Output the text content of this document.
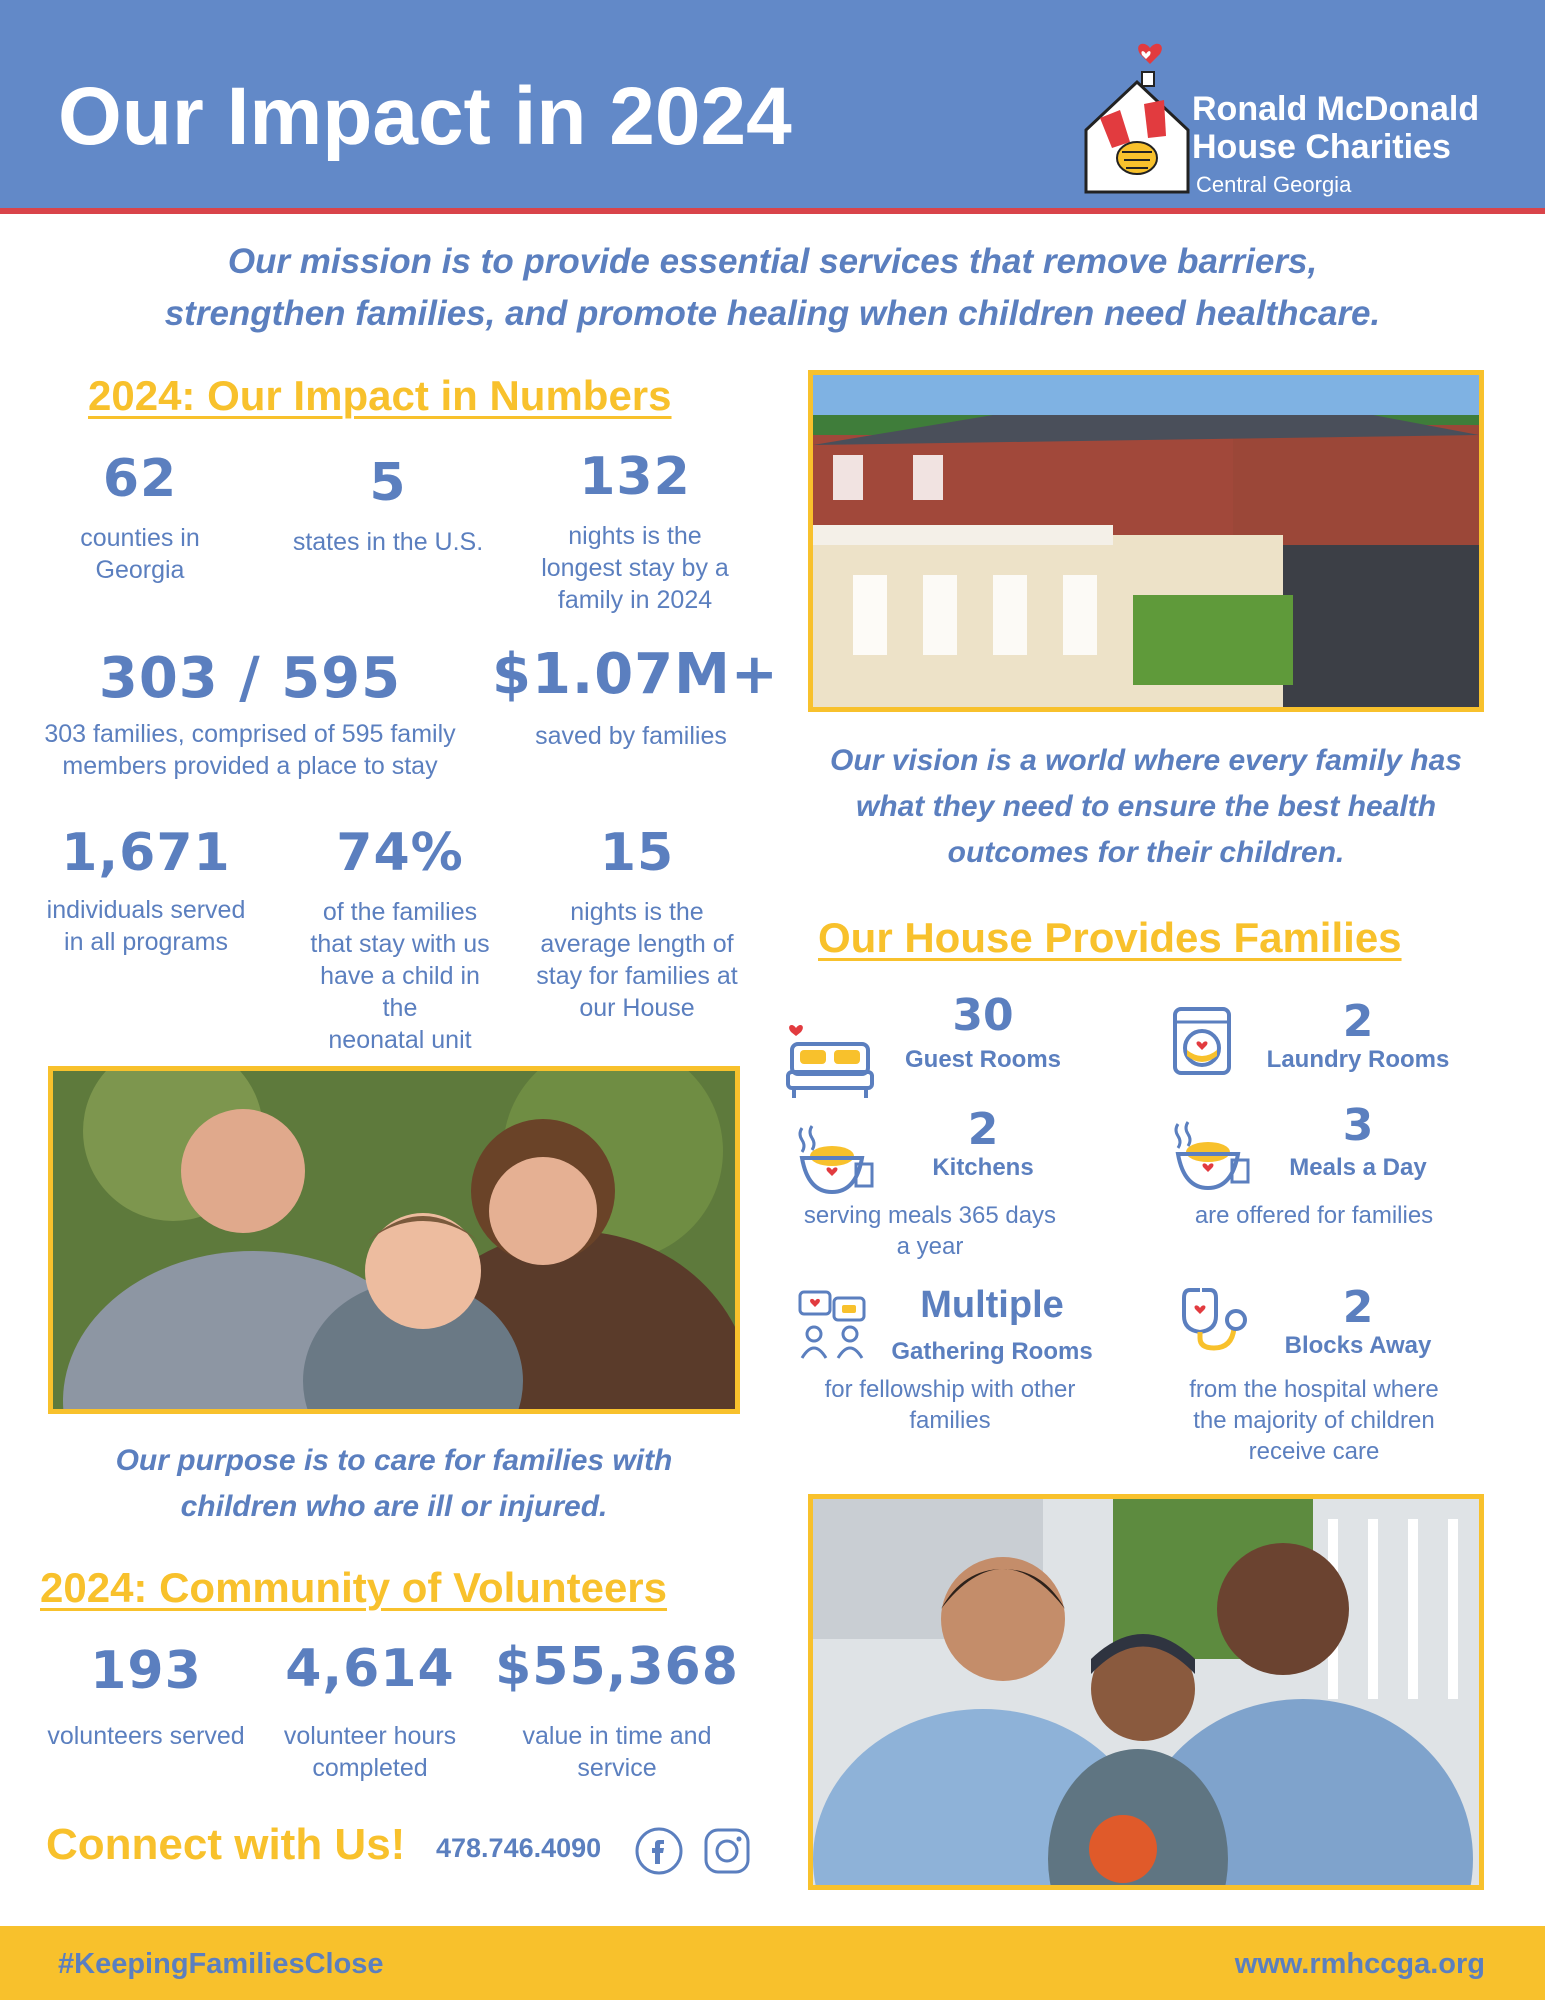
Our Impact in 2024	Ronald McDonald
House Charities
Central Georgia
Our mission is to provide essential services that remove barriers,
strengthen families, and promote healing when children need healthcare.
2024: Our Impact in Numbers
62
counties in
Georgia
5
states in the U.S.
132
nights is the
longest stay by a
family in 2024
303 / 595
303 families, comprised of 595 family
members provided a place to stay
$1.07M+
saved by families
1,671
individuals served
in all programs
74%
of the families
that stay with us
have a child in the
neonatal unit
15
nights is the
average length of
stay for families at
our House
Our vision is a world where every family has
what they need to ensure the best health
outcomes for their children.
Our House Provides Families
30
Guest Rooms
2
Laundry Rooms
2
Kitchens
serving meals 365 days
a year
3
Meals a Day
are offered for families
Multiple
Gathering Rooms
for fellowship with other
families
2
Blocks Away
from the hospital where
the majority of children
receive care
Our purpose is to care for families with
children who are ill or injured.
2024: Community of Volunteers
193
volunteers served
4,614
volunteer hours
completed
$55,368
value in time and
service
Connect with Us! 478.746.4090
#KeepingFamiliesClose	www.rmhccga.org
